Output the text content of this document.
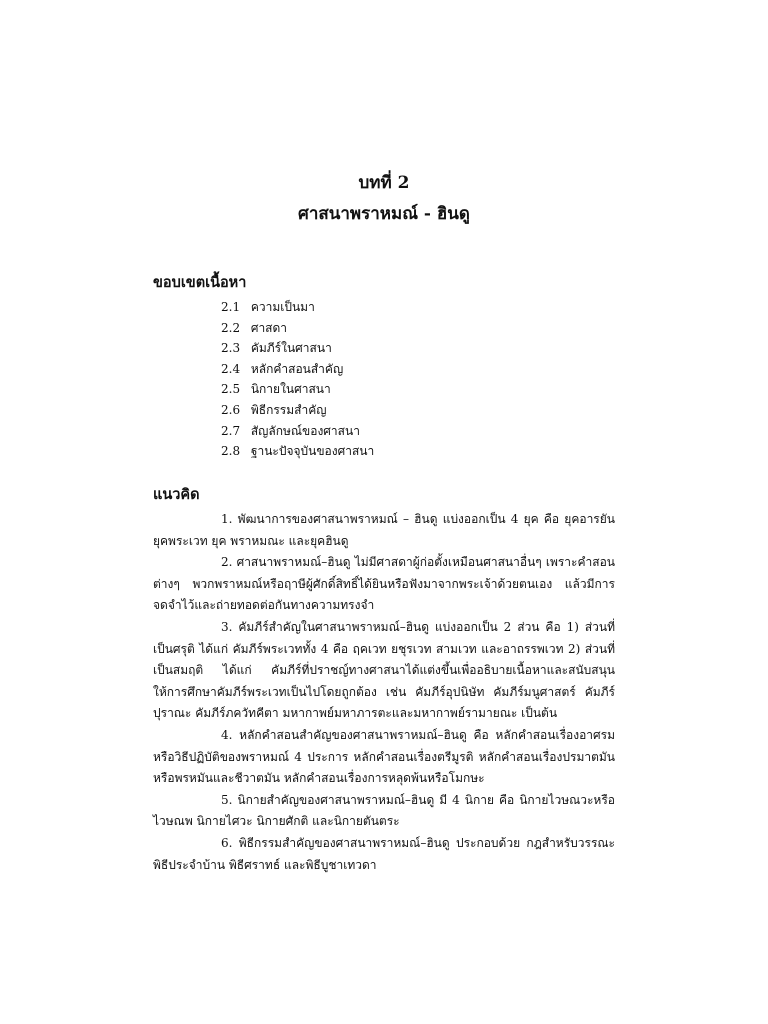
บทที่ 2
ศาสนาพราหมณ์ - ฮินดู
ขอบเขตเนื้อหา
2.1 ความเป็นมา
2.2 ศาสดา
2.3 คัมภีร์ในศาสนา
2.4 หลักคำสอนสำคัญ
2.5 นิกายในศาสนา
2.6 พิธีกรรมสำคัญ
2.7 สัญลักษณ์ของศาสนา
2.8 ฐานะปัจจุบันของศาสนา
แนวคิด

1. พัฒนาการของศาสนาพราหมณ์ – ฮินดู แบ่งออกเป็น 4 ยุค คือ ยุคอารยัน ยุคพระเวท ยุค พราหมณะ และยุคฮินดู

2. ศาสนาพราหมณ์–ฮินดู ไม่มีศาสดาผู้ก่อตั้งเหมือนศาสนาอื่นๆ เพราะคำสอนต่างๆ พวกพราหมณ์หรือฤาษีผู้ศักดิ์สิทธิ์ได้ยินหรือฟังมาจากพระเจ้าด้วยตนเอง แล้วมีการจดจำไว้และถ่ายทอดต่อกันทางความทรงจำ

3. คัมภีร์สำคัญในศาสนาพราหมณ์–ฮินดู แบ่งออกเป็น 2 ส่วน คือ 1) ส่วนที่เป็นศรุติ ได้แก่ คัมภีร์พระเวททั้ง 4 คือ ฤคเวท ยชุรเวท สามเวท และอาถรรพเวท 2) ส่วนที่เป็นสมฤติ ได้แก่ คัมภีร์ที่ปราชญ์ทางศาสนาได้แต่งขึ้นเพื่ออธิบายเนื้อหาและสนับสนุนให้การศึกษาคัมภีร์พระเวทเป็นไปโดยถูกต้อง เช่น คัมภีร์อุปนิษัท คัมภีร์มนูศาสตร์ คัมภีร์ปุราณะ คัมภีร์ภควัทคีตา มหากาพย์มหาภารตะและมหากาพย์รามายณะ เป็นต้น

4. หลักคำสอนสำคัญของศาสนาพราหมณ์–ฮินดู คือ หลักคำสอนเรื่องอาศรม หรือวิธีปฏิบัติของพราหมณ์ 4 ประการ หลักคำสอนเรื่องตรีมูรติ หลักคำสอนเรื่องปรมาตมัน หรือพรหมันและชีวาตมัน หลักคำสอนเรื่องการหลุดพ้นหรือโมกษะ

5. นิกายสำคัญของศาสนาพราหมณ์–ฮินดู มี 4 นิกาย คือ นิกายไวษณวะหรือไวษณพ นิกายไศวะ นิกายศักติ และนิกายตันตระ

6. พิธีกรรมสำคัญของศาสนาพราหมณ์–ฮินดู ประกอบด้วย กฎสำหรับวรรณะ พิธีประจำบ้าน พิธีศราทธ์ และพิธีบูชาเทวดา
